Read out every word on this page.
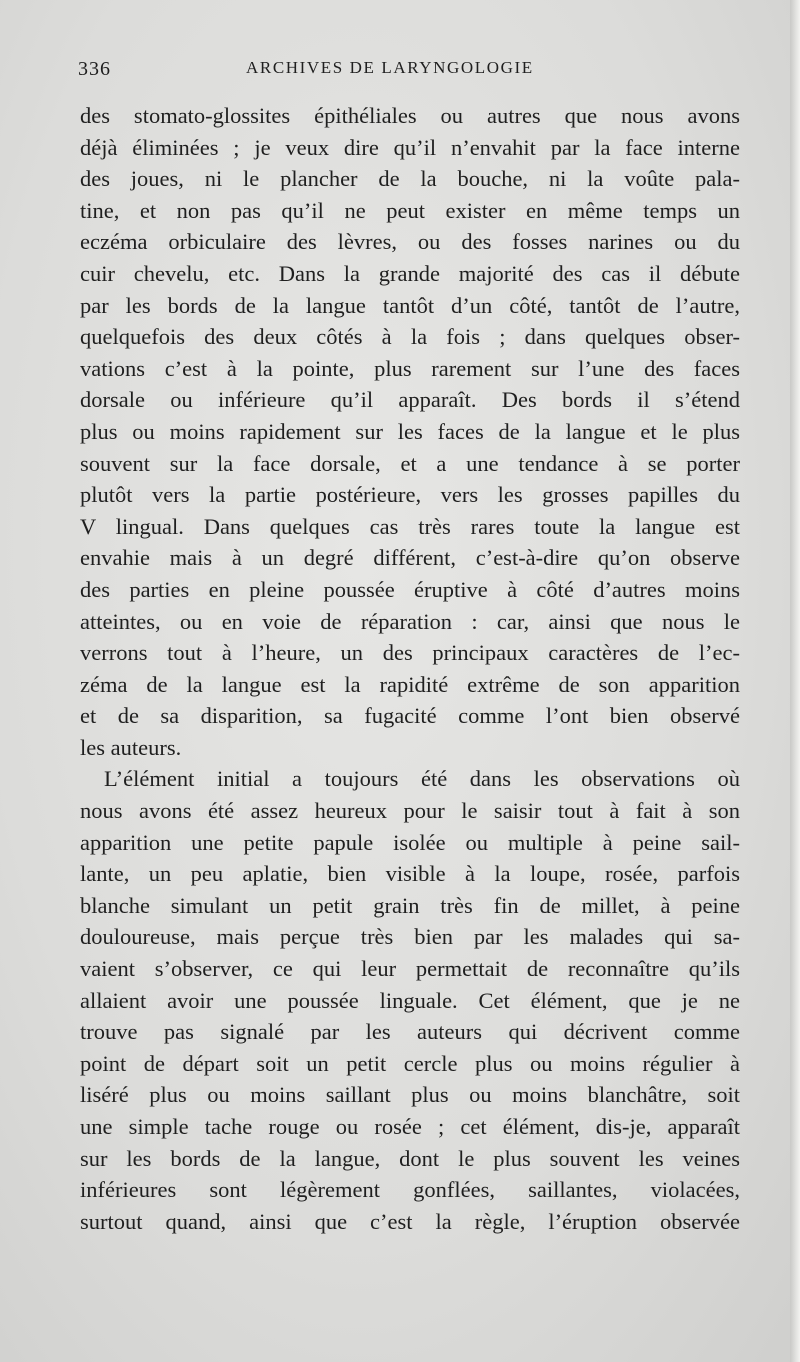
336	ARCHIVES DE LARYNGOLOGIE
des stomato-glossites épithéliales ou autres que nous avons
déjà éliminées ; je veux dire qu’il n’envahit par la face interne
des joues, ni le plancher de la bouche, ni la voûte pala-
tine, et non pas qu’il ne peut exister en même temps un
eczéma orbiculaire des lèvres, ou des fosses narines ou du
cuir chevelu, etc. Dans la grande majorité des cas il débute
par les bords de la langue tantôt d’un côté, tantôt de l’autre,
quelquefois des deux côtés à la fois ; dans quelques obser-
vations c’est à la pointe, plus rarement sur l’une des faces
dorsale ou inférieure qu’il apparaît. Des bords il s’étend
plus ou moins rapidement sur les faces de la langue et le plus
souvent sur la face dorsale, et a une tendance à se porter
plutôt vers la partie postérieure, vers les grosses papilles du
V lingual. Dans quelques cas très rares toute la langue est
envahie mais à un degré différent, c’est-à-dire qu’on observe
des parties en pleine poussée éruptive à côté d’autres moins
atteintes, ou en voie de réparation : car, ainsi que nous le
verrons tout à l’heure, un des principaux caractères de l’ec-
zéma de la langue est la rapidité extrême de son apparition
et de sa disparition, sa fugacité comme l’ont bien observé
les auteurs.
L’élément initial a toujours été dans les observations où
nous avons été assez heureux pour le saisir tout à fait à son
apparition une petite papule isolée ou multiple à peine sail-
lante, un peu aplatie, bien visible à la loupe, rosée, parfois
blanche simulant un petit grain très fin de millet, à peine
douloureuse, mais perçue très bien par les malades qui sa-
vaient s’observer, ce qui leur permettait de reconnaître qu’ils
allaient avoir une poussée linguale. Cet élément, que je ne
trouve pas signalé par les auteurs qui décrivent comme
point de départ soit un petit cercle plus ou moins régulier à
liséré plus ou moins saillant plus ou moins blanchâtre, soit
une simple tache rouge ou rosée ; cet élément, dis-je, apparaît
sur les bords de la langue, dont le plus souvent les veines
inférieures sont légèrement gonflées, saillantes, violacées,
surtout quand, ainsi que c’est la règle, l’éruption observée
